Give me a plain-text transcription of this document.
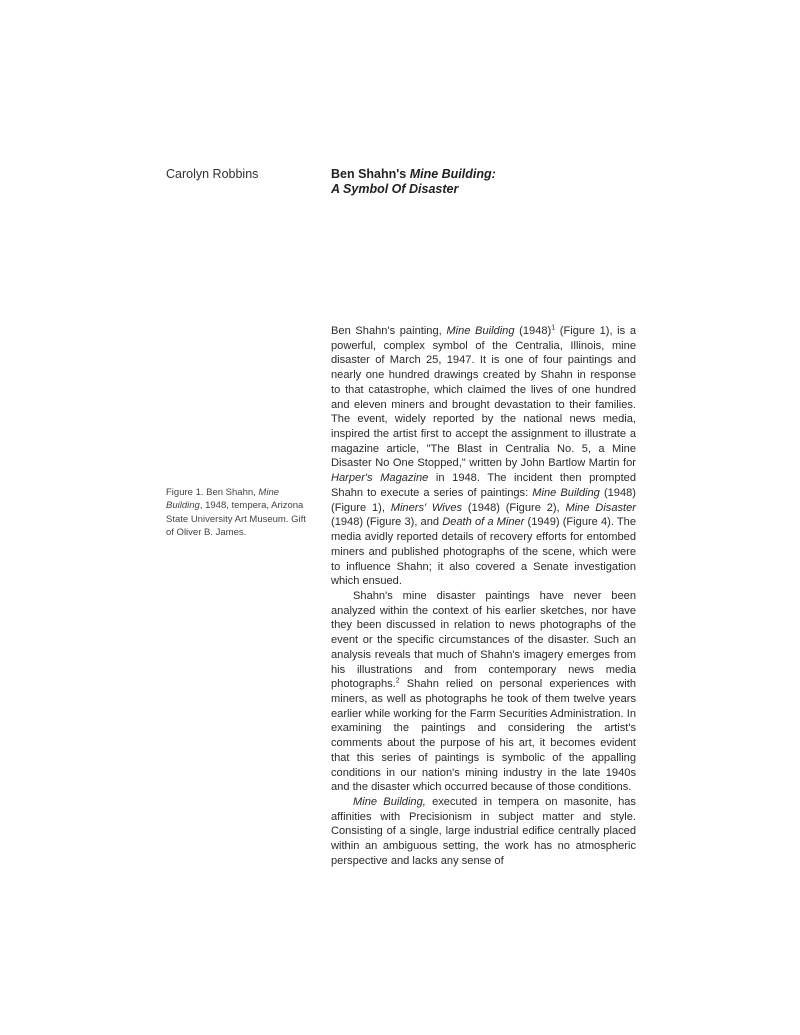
Carolyn Robbins	Ben Shahn's Mine Building:
A Symbol Of Disaster
Figure 1. Ben Shahn, Mine Building, 1948, tempera, Arizona State University Art Museum. Gift of Oliver B. James.

Ben Shahn's painting, Mine Building $(1948)^1$ (Figure 1), is a powerful, complex symbol of the Centralia, Illinois, mine disaster of March 25, 1947. It is one of four paintings and nearly one hundred drawings created by Shahn in response to that catastrophe, which claimed the lives of one hundred and eleven miners and brought devastation to their families. The event, widely reported by the national news media, inspired the artist first to accept the assignment to illustrate a magazine article, "The Blast in Centralia No. 5, a Mine Disaster No One Stopped," written by John Bartlow Martin for Harper's Magazine in 1948. The incident then prompted Shahn to execute a series of paintings: Mine Building (1948) (Figure 1), Miners' Wives (1948) (Figure 2), Mine Disaster (1948) (Figure 3), and Death of a Miner (1949) (Figure 4). The media avidly reported details of recovery efforts for entombed miners and published photographs of the scene, which were to influence Shahn; it also covered a Senate investigation which ensued.

Shahn's mine disaster paintings have never been analyzed within the context of his earlier sketches, nor have they been discussed in relation to news photographs of the event or the specific circumstances of the disaster. Such an analysis reveals that much of Shahn's imagery emerges from his illustrations and from contemporary news media photographs.$^2$ Shahn relied on personal experiences with miners, as well as photographs he took of them twelve years earlier while working for the Farm Securities Administration. In examining the paintings and considering the artist's comments about the purpose of his art, it becomes evident that this series of paintings is symbolic of the appalling conditions in our nation's mining industry in the late 1940s and the disaster which occurred because of those conditions.

Mine Building, executed in tempera on masonite, has affinities with Precisionism in subject matter and style. Consisting of a single, large industrial edifice centrally placed within an ambiguous setting, the work has no atmospheric perspective and lacks any sense of
